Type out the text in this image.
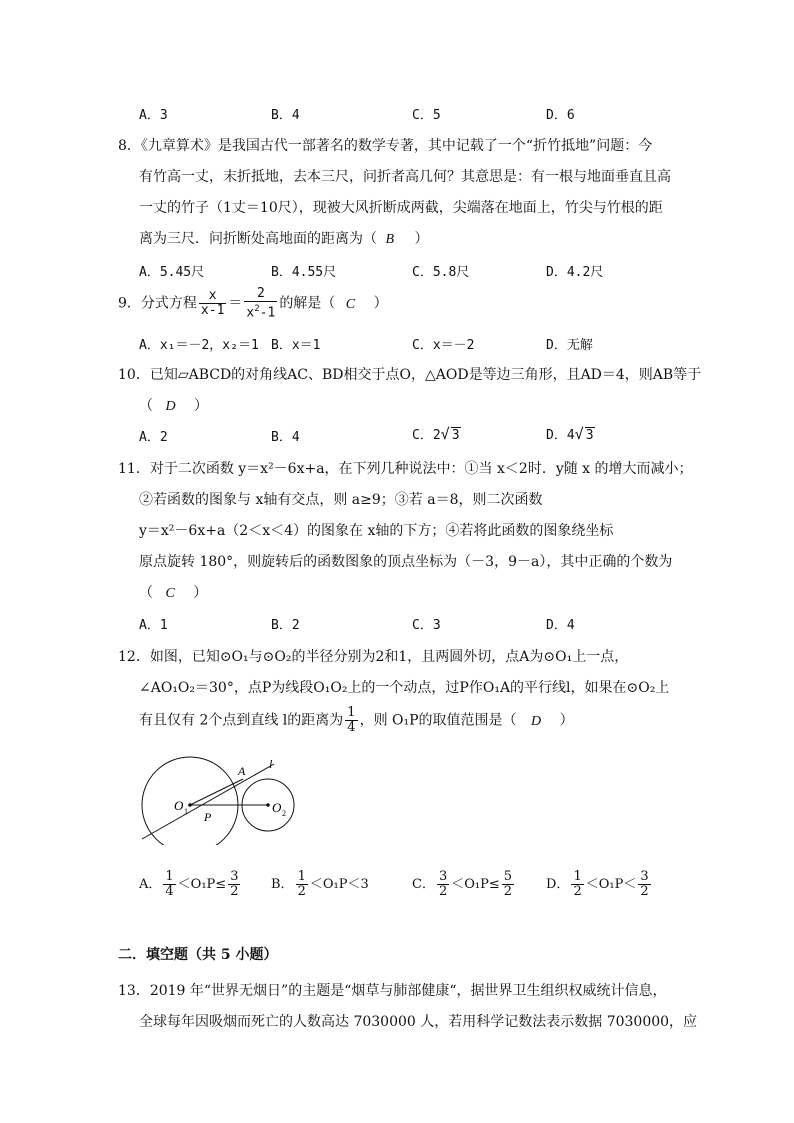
A．3	B．4	C．5	D．6
8．《九章算术》是我国古代一部著名的数学专著，其中记载了一个“折竹抵地”问题：今
有竹高一丈，末折抵地，去本三尺，问折者高几何？其意思是：有一根与地面垂直且高
一丈的竹子（1丈＝10尺），现被大风折断成两截，尖端落在地面上，竹尖与竹根的距
离为三尺．问折断处高地面的距离为（ B ）
A．5.45尺	B．4.55尺	C．5.8尺	D．4.2尺
9．分式方程 $\frac{x}{x-1} = \frac{2}{x^2-1}$ 的解是（ C ）
A．x₁＝－2，x₂＝1 B．x＝1	C．x＝－2	D．无解
10．已知▱ABCD的对角线AC、BD相交于点O，△AOD是等边三角形，且AD＝4，则AB等于
（ D ）
A．2	B．4	C．2√ 3	D．4√ 3
11．对于二次函数 y＝x²－6x+a，在下列几种说法中：①当 x＜2时．y随 x 的增大而减小；
②若函数的图象与 x轴有交点，则 a≥9；③若 a＝8，则二次函数
y＝x²－6x+a（2＜x＜4）的图象在 x轴的下方；④若将此函数的图象绕坐标
原点旋转 180°，则旋转后的函数图象的顶点坐标为（－3，9－a），其中正确的个数为
（ C ）
A．1	B．2	C．3	D．4
12．如图，已知⊙O₁与⊙O₂的半径分别为2和1，且两圆外切，点A为⊙O₁上一点，
∠AO₁O₂＝30°，点P为线段O₁O₂上的一个动点，过P作O₁A的平行线l，如果在⊙O₂上
有且仅有 2个点到直线 l的距离为 $\frac{1}{4}$ ，则 O₁P的取值范围是（ D ）
l
A
O 1 P
O 2
A． $\frac{1}{4} <O_1P\le \frac{3}{2}$ B． $\frac{1}{2} <O_1P<3$	C． $\frac{3}{2} <O_1P\le \frac{5}{2}$ D． $\frac{1}{2} <O_1P< \frac{3}{2}$
二．填空题（共 5 小题）
13．2019 年“世界无烟日”的主题是“烟草与肺部健康“，据世界卫生组织权威统计信息，
全球每年因吸烟而死亡的人数高达 7030000 人，若用科学记数法表示数据 7030000，应
